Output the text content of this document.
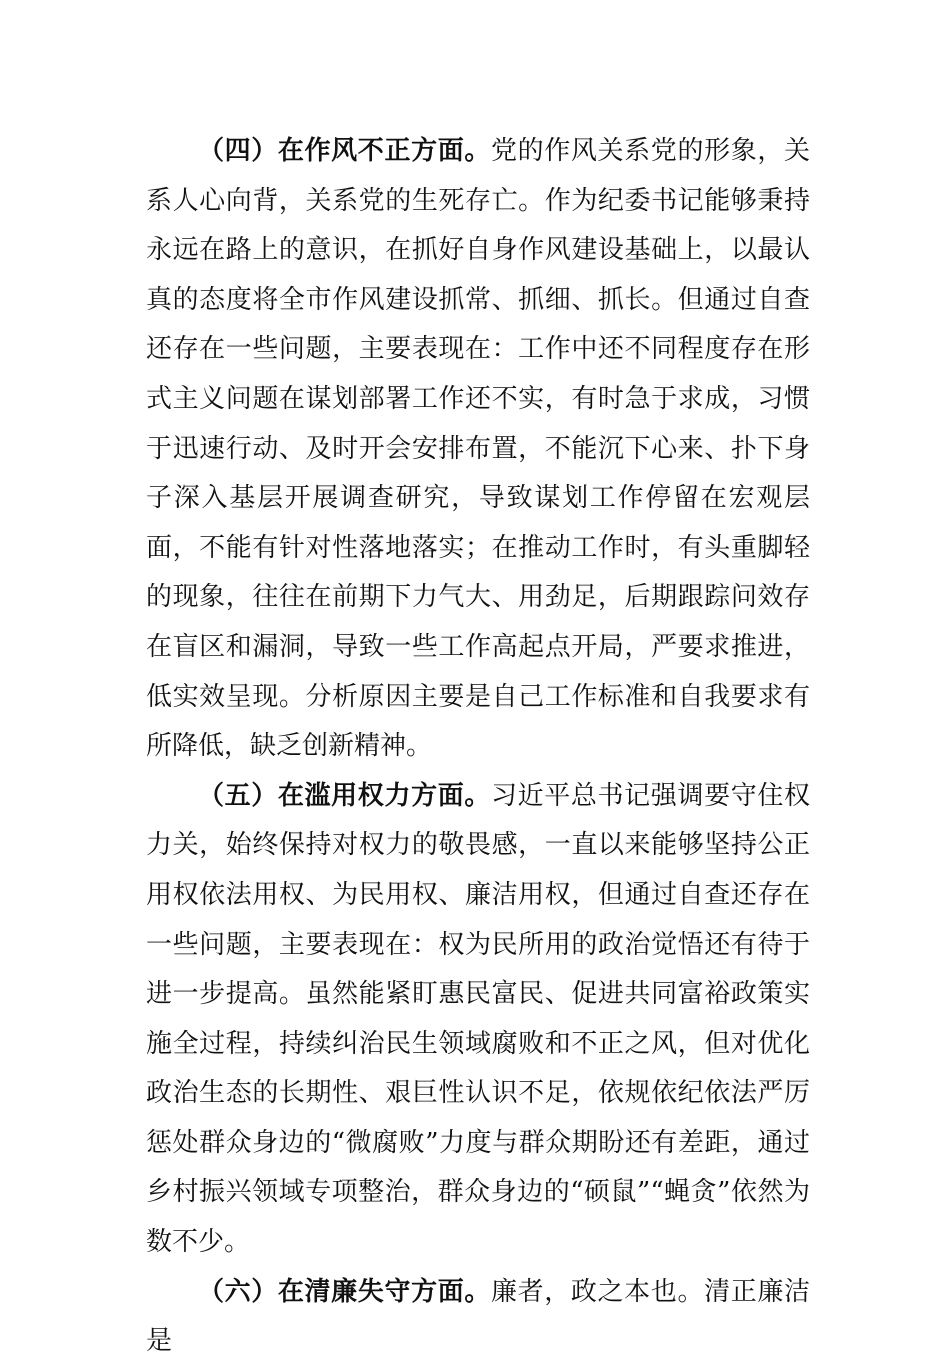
（四）在作风不正方面。党的作风关系党的形象，关系人心向背，关系党的生死存亡。作为纪委书记能够秉持永远在路上的意识，在抓好自身作风建设基础上，以最认真的态度将全市作风建设抓常、抓细、抓长。但通过自查还存在一些问题，主要表现在：工作中还不同程度存在形式主义问题在谋划部署工作还不实，有时急于求成，习惯于迅速行动、及时开会安排布置，不能沉下心来、扑下身子深入基层开展调查研究，导致谋划工作停留在宏观层面，不能有针对性落地落实；在推动工作时，有头重脚轻的现象，往往在前期下力气大、用劲足，后期跟踪问效存在盲区和漏洞，导致一些工作高起点开局，严要求推进，低实效呈现。分析原因主要是自己工作标准和自我要求有所降低，缺乏创新精神。

（五）在滥用权力方面。习近平总书记强调要守住权力关，始终保持对权力的敬畏感，一直以来能够坚持公正用权依法用权、为民用权、廉洁用权，但通过自查还存在一些问题，主要表现在：权为民所用的政治觉悟还有待于进一步提高。虽然能紧盯惠民富民、促进共同富裕政策实施全过程，持续纠治民生领域腐败和不正之风，但对优化政治生态的长期性、艰巨性认识不足，依规依纪依法严厉惩处群众身边的“微腐败”力度与群众期盼还有差距，通过乡村振兴领域专项整治，群众身边的“硕鼠”“蝇贪”依然为数不少。

（六）在清廉失守方面。廉者，政之本也。清正廉洁是
